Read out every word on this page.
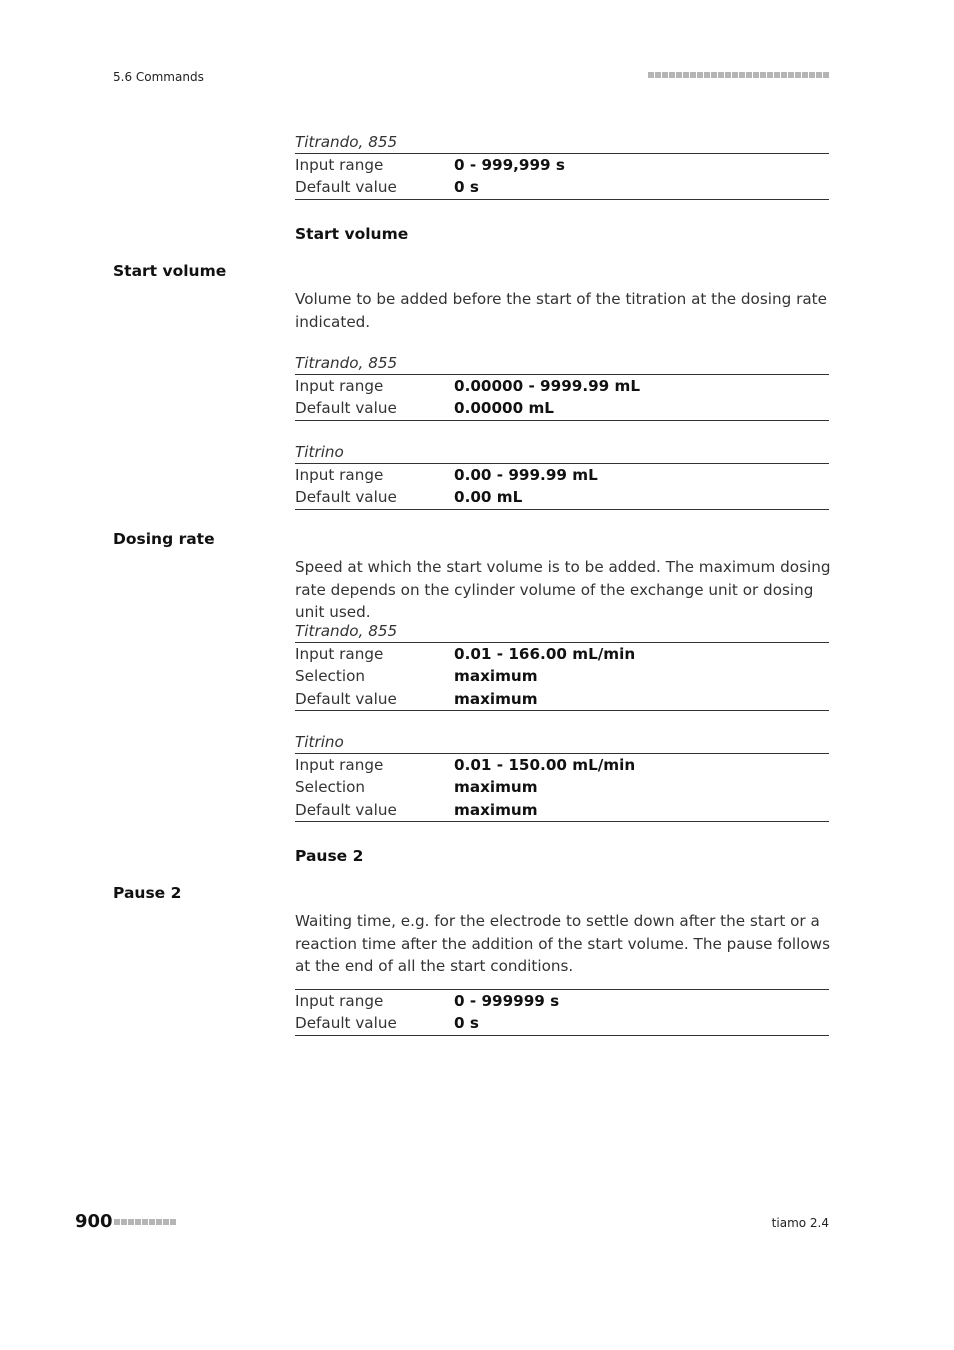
5.6 Commands
Titrando, 855
Input range	0 - 999,999 s
Default value	0 s
Start volume
Start volume
Volume to be added before the start of the titration at the dosing rate indicated.
Titrando, 855
Input range	0.00000 - 9999.99 mL
Default value	0.00000 mL
Titrino
Input range	0.00 - 999.99 mL
Default value	0.00 mL
Dosing rate
Speed at which the start volume is to be added. The maximum dosing rate depends on the cylinder volume of the exchange unit or dosing unit used.
Titrando, 855
Input range	0.01 - 166.00 mL/min
Selection	maximum
Default value	maximum
Titrino
Input range	0.01 - 150.00 mL/min
Selection	maximum
Default value	maximum
Pause 2
Pause 2
Waiting time, e.g. for the electrode to settle down after the start or a reaction time after the addition of the start volume. The pause follows at the end of all the start conditions.
Input range	0 - 999999 s
Default value	0 s
900	tiamo 2.4
